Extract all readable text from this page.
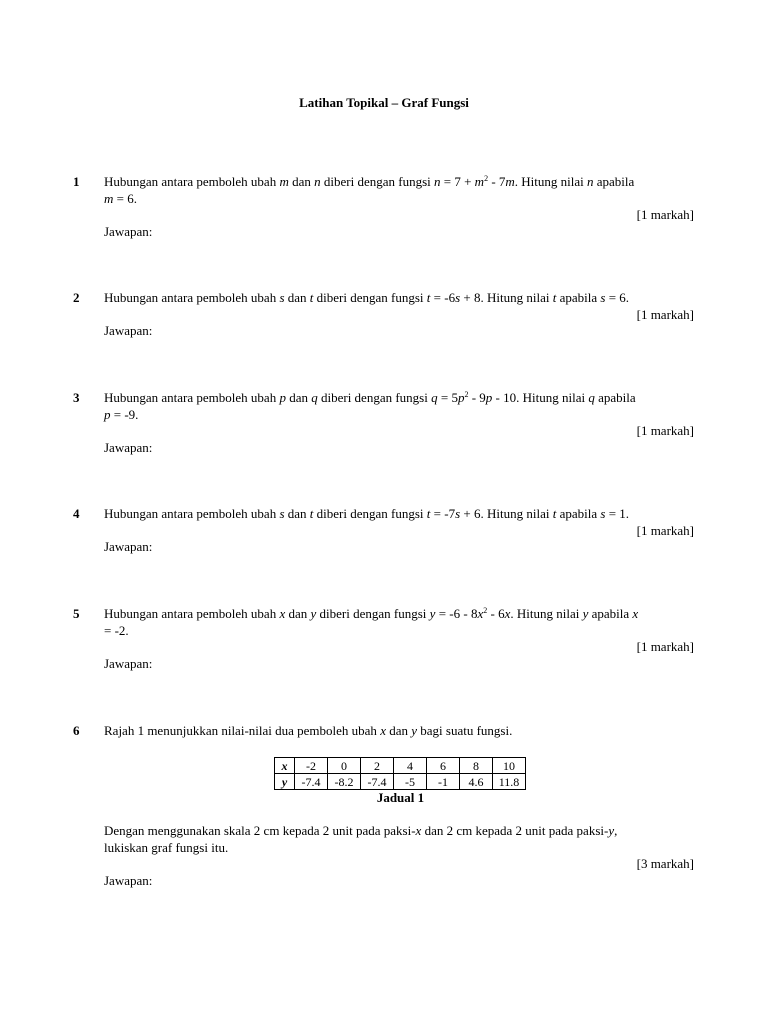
Latihan Topikal – Graf Fungsi
1 Hubungan antara pemboleh ubah m dan n diberi dengan fungsi $n = 7 + m^2 - 7m$. Hitung nilai n apabila
m = 6.

[1 markah]

Jawapan:

2 Hubungan antara pemboleh ubah s dan t diberi dengan fungsi t = -6s + 8. Hitung nilai t apabila s = 6.

[1 markah]

Jawapan:

3 Hubungan antara pemboleh ubah p dan q diberi dengan fungsi $q = 5p^2 - 9p - 10$. Hitung nilai q apabila
p = -9.

[1 markah]

Jawapan:

4 Hubungan antara pemboleh ubah s dan t diberi dengan fungsi t = -7s + 6. Hitung nilai t apabila s = 1.

[1 markah]

Jawapan:

5 Hubungan antara pemboleh ubah x dan y diberi dengan fungsi $y = -6 - 8x^2 - 6x$. Hitung nilai y apabila x
= -2.

[1 markah]

Jawapan:

6 Rajah 1 menunjukkan nilai-nilai dua pemboleh ubah x dan y bagi suatu fungsi.

x	-2	0	2	4	6	8	10
y	-7.4	-8.2	-7.4	-5	-1	4.6	11.8
Jadual 1

Dengan menggunakan skala 2 cm kepada 2 unit pada paksi-x dan 2 cm kepada 2 unit pada paksi-y,
lukiskan graf fungsi itu.

[3 markah]

Jawapan:
